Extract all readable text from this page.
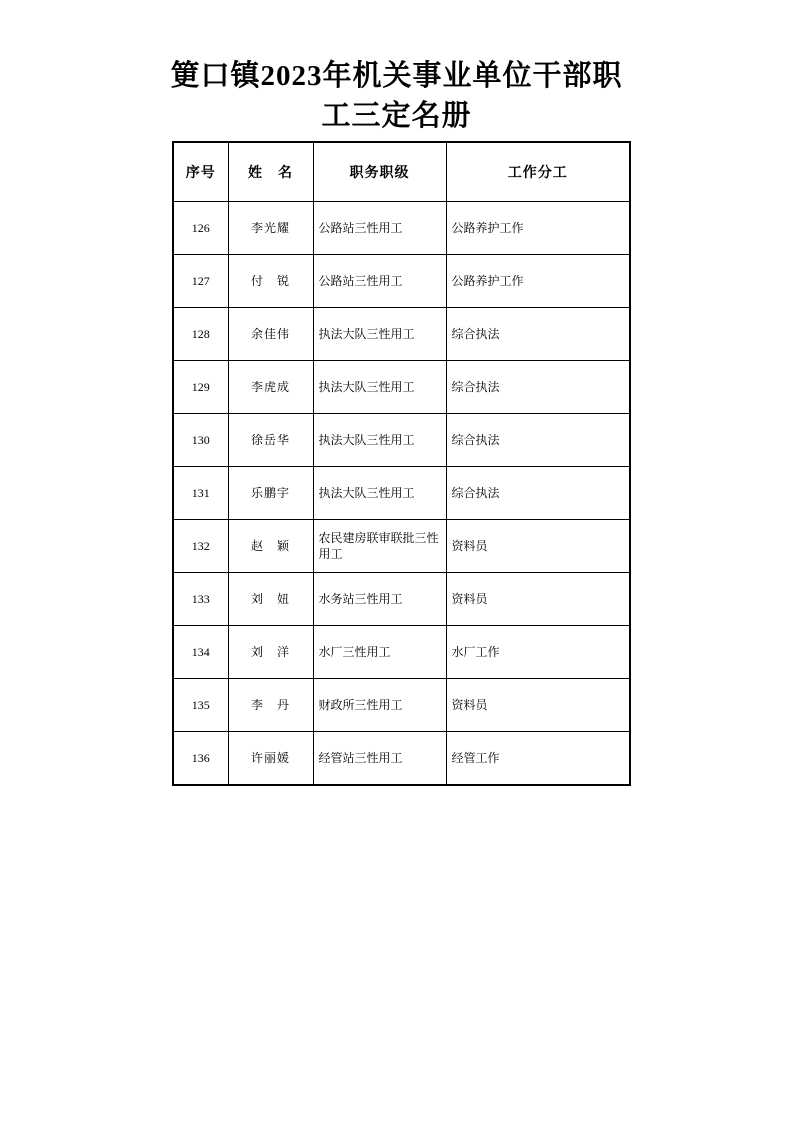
筻口镇2023年机关事业单位干部职
工三定名册
序号	姓　名	职务职级	工作分工
126	李光耀	公路站三性用工	公路养护工作
127	付　锐	公路站三性用工	公路养护工作
128	余佳伟	执法大队三性用工	综合执法
129	李虎成	执法大队三性用工	综合执法
130	徐岳华	执法大队三性用工	综合执法
131	乐鹏宇	执法大队三性用工	综合执法
132	赵　颖	农民建房联审联批三性用工	资料员
133	刘　妞	水务站三性用工	资料员
134	刘　洋	水厂三性用工	水厂工作
135	李　丹	财政所三性用工	资料员
136	许丽媛	经管站三性用工	经管工作
